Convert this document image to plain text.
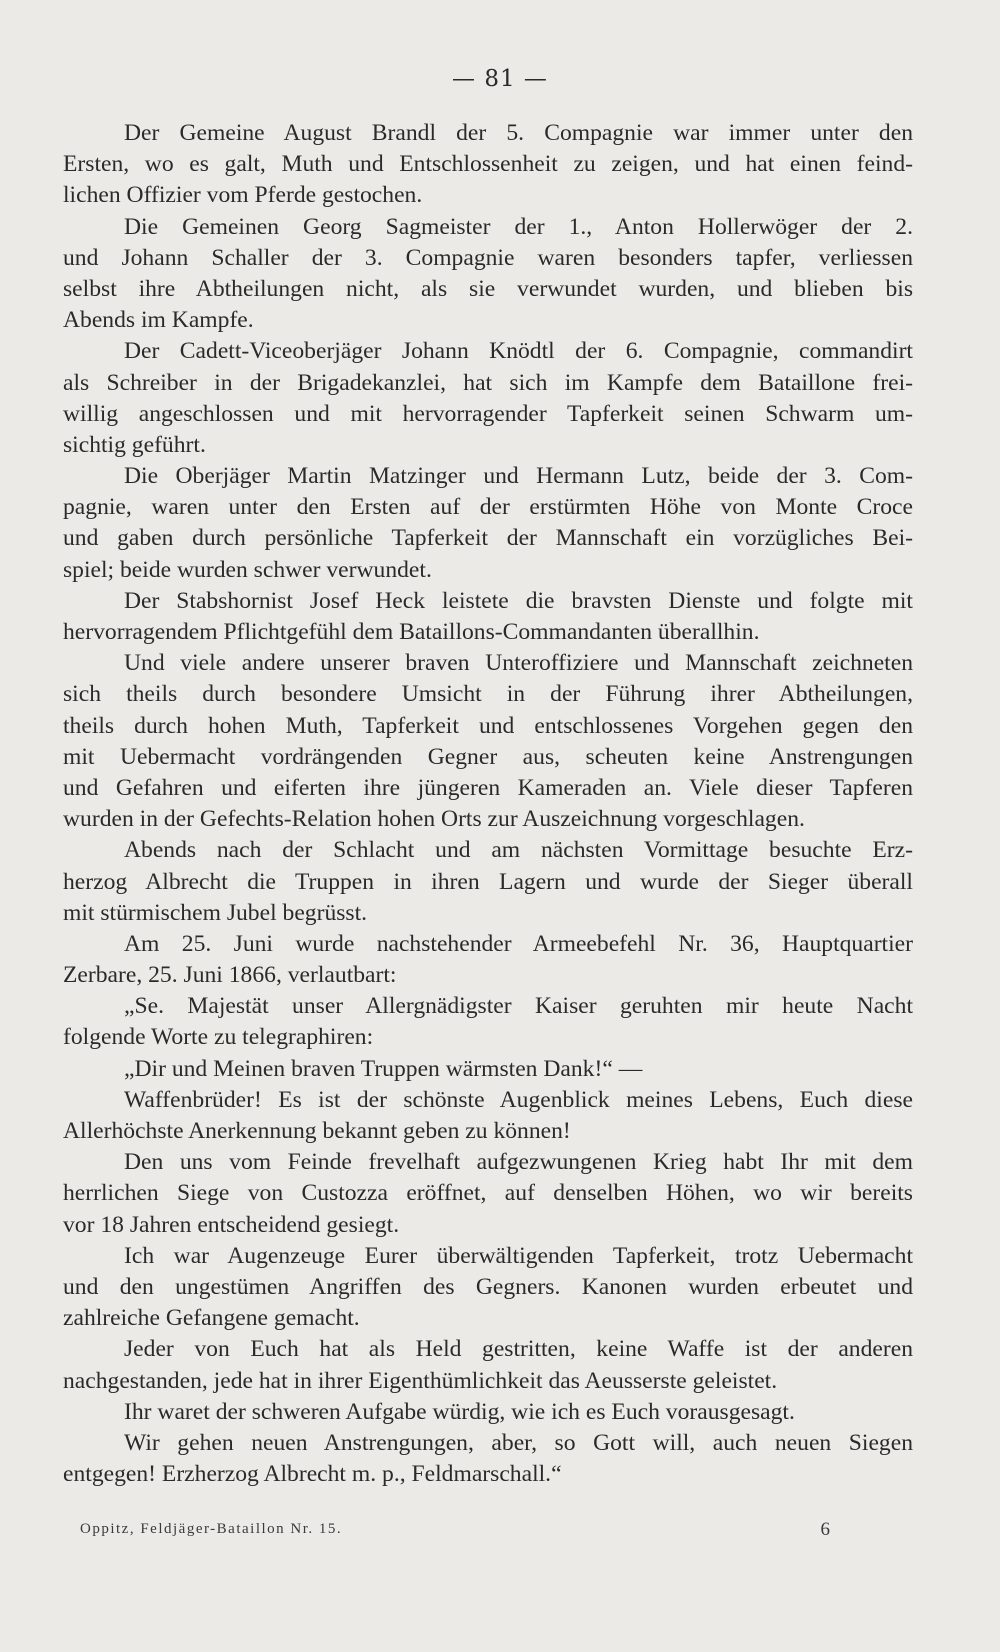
— 81 —
Der Gemeine August Brandl der 5. Compagnie war immer unter den
Ersten, wo es galt, Muth und Entschlossenheit zu zeigen, und hat einen feind-
lichen Offizier vom Pferde gestochen.
Die Gemeinen Georg Sagmeister der 1., Anton Hollerwöger der 2.
und Johann Schaller der 3. Compagnie waren besonders tapfer, verliessen
selbst ihre Abtheilungen nicht, als sie verwundet wurden, und blieben bis
Abends im Kampfe.
Der Cadett-Viceoberjäger Johann Knödtl der 6. Compagnie, commandirt
als Schreiber in der Brigadekanzlei, hat sich im Kampfe dem Bataillone frei-
willig angeschlossen und mit hervorragender Tapferkeit seinen Schwarm um-
sichtig geführt.
Die Oberjäger Martin Matzinger und Hermann Lutz, beide der 3. Com-
pagnie, waren unter den Ersten auf der erstürmten Höhe von Monte Croce
und gaben durch persönliche Tapferkeit der Mannschaft ein vorzügliches Bei-
spiel; beide wurden schwer verwundet.
Der Stabshornist Josef Heck leistete die bravsten Dienste und folgte mit
hervorragendem Pflichtgefühl dem Bataillons-Commandanten überallhin.
Und viele andere unserer braven Unteroffiziere und Mannschaft zeichneten
sich theils durch besondere Umsicht in der Führung ihrer Abtheilungen,
theils durch hohen Muth, Tapferkeit und entschlossenes Vorgehen gegen den
mit Uebermacht vordrängenden Gegner aus, scheuten keine Anstrengungen
und Gefahren und eiferten ihre jüngeren Kameraden an. Viele dieser Tapferen
wurden in der Gefechts-Relation hohen Orts zur Auszeichnung vorgeschlagen.
Abends nach der Schlacht und am nächsten Vormittage besuchte Erz-
herzog Albrecht die Truppen in ihren Lagern und wurde der Sieger überall
mit stürmischem Jubel begrüsst.
Am 25. Juni wurde nachstehender Armeebefehl Nr. 36, Hauptquartier
Zerbare, 25. Juni 1866, verlautbart:
„Se. Majestät unser Allergnädigster Kaiser geruhten mir heute Nacht
folgende Worte zu telegraphiren:
„Dir und Meinen braven Truppen wärmsten Dank!“ —
Waffenbrüder! Es ist der schönste Augenblick meines Lebens, Euch diese
Allerhöchste Anerkennung bekannt geben zu können!
Den uns vom Feinde frevelhaft aufgezwungenen Krieg habt Ihr mit dem
herrlichen Siege von Custozza eröffnet, auf denselben Höhen, wo wir bereits
vor 18 Jahren entscheidend gesiegt.
Ich war Augenzeuge Eurer überwältigenden Tapferkeit, trotz Uebermacht
und den ungestümen Angriffen des Gegners. Kanonen wurden erbeutet und
zahlreiche Gefangene gemacht.
Jeder von Euch hat als Held gestritten, keine Waffe ist der anderen
nachgestanden, jede hat in ihrer Eigenthümlichkeit das Aeusserste geleistet.
Ihr waret der schweren Aufgabe würdig, wie ich es Euch vorausgesagt.
Wir gehen neuen Anstrengungen, aber, so Gott will, auch neuen Siegen
entgegen! Erzherzog Albrecht m. p., Feldmarschall.“
Oppitz, Feldjäger-Bataillon Nr. 15.	6
